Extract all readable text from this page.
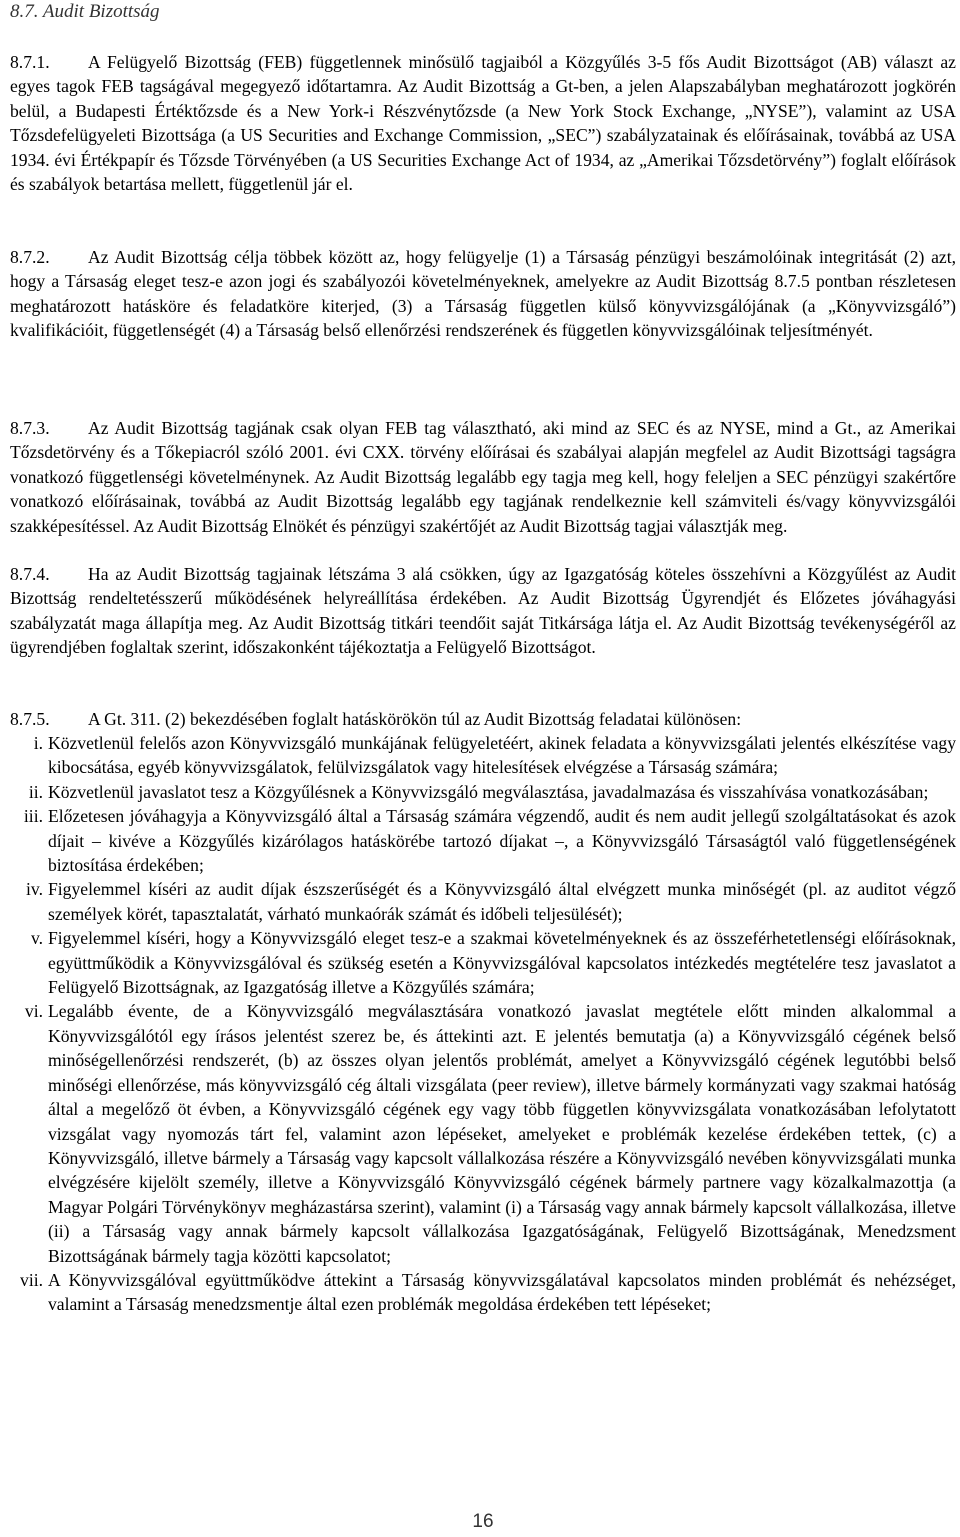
8.7. Audit Bizottság
8.7.1. A Felügyelő Bizottság (FEB) függetlennek minősülő tagjaiból a Közgyűlés 3-5 fős Audit Bizottságot (AB) választ az egyes tagok FEB tagságával megegyező időtartamra. Az Audit Bizottság a Gt-ben, a jelen Alapszabályban meghatározott jogkörén belül, a Budapesti Értéktőzsde és a New York-i Részvénytőzsde (a New York Stock Exchange, „NYSE”), valamint az USA Tőzsdefelügyeleti Bizottsága (a US Securities and Exchange Commission, „SEC”) szabályzatainak és előírásainak, továbbá az USA 1934. évi Értékpapír és Tőzsde Törvényében (a US Securities Exchange Act of 1934, az „Amerikai Tőzsdetörvény”) foglalt előírások és szabályok betartása mellett, függetlenül jár el.
8.7.2. Az Audit Bizottság célja többek között az, hogy felügyelje (1) a Társaság pénzügyi beszámolóinak integritását (2) azt, hogy a Társaság eleget tesz-e azon jogi és szabályozói követelményeknek, amelyekre az Audit Bizottság 8.7.5 pontban részletesen meghatározott hatásköre és feladatköre kiterjed, (3) a Társaság független külső könyvvizsgálójának (a „Könyvvizsgáló”) kvalifikációit, függetlenségét (4) a Társaság belső ellenőrzési rendszerének és független könyvvizsgálóinak teljesítményét.
8.7.3. Az Audit Bizottság tagjának csak olyan FEB tag választható, aki mind az SEC és az NYSE, mind a Gt., az Amerikai Tőzsdetörvény és a Tőkepiacról szóló 2001. évi CXX. törvény előírásai és szabályai alapján megfelel az Audit Bizottsági tagságra vonatkozó függetlenségi követelménynek. Az Audit Bizottság legalább egy tagja meg kell, hogy feleljen a SEC pénzügyi szakértőre vonatkozó előírásainak, továbbá az Audit Bizottság legalább egy tagjának rendelkeznie kell számviteli és/vagy könyvvizsgálói szakképesítéssel. Az Audit Bizottság Elnökét és pénzügyi szakértőjét az Audit Bizottság tagjai választják meg.
8.7.4. Ha az Audit Bizottság tagjainak létszáma 3 alá csökken, úgy az Igazgatóság köteles összehívni a Közgyűlést az Audit Bizottság rendeltetésszerű működésének helyreállítása érdekében. Az Audit Bizottság Ügyrendjét és Előzetes jóváhagyási szabályzatát maga állapítja meg. Az Audit Bizottság titkári teendőit saját Titkársága látja el. Az Audit Bizottság tevékenységéről az ügyrendjében foglaltak szerint, időszakonként tájékoztatja a Felügyelő Bizottságot.
8.7.5. A Gt. 311. (2) bekezdésében foglalt hatáskörökön túl az Audit Bizottság feladatai különösen:
i. Közvetlenül felelős azon Könyvvizsgáló munkájának felügyeletéért, akinek feladata a könyvvizsgálati jelentés elkészítése vagy kibocsátása, egyéb könyvvizsgálatok, felülvizsgálatok vagy hitelesítések elvégzése a Társaság számára;
ii. Közvetlenül javaslatot tesz a Közgyűlésnek a Könyvvizsgáló megválasztása, javadalmazása és visszahívása vonatkozásában;
iii. Előzetesen jóváhagyja a Könyvvizsgáló által a Társaság számára végzendő, audit és nem audit jellegű szolgáltatásokat és azok díjait – kivéve a Közgyűlés kizárólagos hatáskörébe tartozó díjakat –, a Könyvvizsgáló Társaságtól való függetlenségének biztosítása érdekében;
iv. Figyelemmel kíséri az audit díjak észszerűségét és a Könyvvizsgáló által elvégzett munka minőségét (pl. az auditot végző személyek körét, tapasztalatát, várható munkaórák számát és időbeli teljesülését);
v. Figyelemmel kíséri, hogy a Könyvvizsgáló eleget tesz-e a szakmai követelményeknek és az összeférhetetlenségi előírásoknak, együttműködik a Könyvvizsgálóval és szükség esetén a Könyvvizsgálóval kapcsolatos intézkedés megtételére tesz javaslatot a Felügyelő Bizottságnak, az Igazgatóság illetve a Közgyűlés számára;
vi. Legalább évente, de a Könyvvizsgáló megválasztására vonatkozó javaslat megtétele előtt minden alkalommal a Könyvvizsgálótól egy írásos jelentést szerez be, és áttekinti azt. E jelentés bemutatja (a) a Könyvvizsgáló cégének belső minőségellenőrzési rendszerét, (b) az összes olyan jelentős problémát, amelyet a Könyvvizsgáló cégének legutóbbi belső minőségi ellenőrzése, más könyvvizsgáló cég általi vizsgálata (peer review), illetve bármely kormányzati vagy szakmai hatóság által a megelőző öt évben, a Könyvvizsgáló cégének egy vagy több független könyvvizsgálata vonatkozásában lefolytatott vizsgálat vagy nyomozás tárt fel, valamint azon lépéseket, amelyeket e problémák kezelése érdekében tettek, (c) a Könyvvizsgáló, illetve bármely a Társaság vagy kapcsolt vállalkozása részére a Könyvvizsgáló nevében könyvvizsgálati munka elvégzésére kijelölt személy, illetve a Könyvvizsgáló Könyvvizsgáló cégének bármely partnere vagy közalkalmazottja (a Magyar Polgári Törvénykönyv megházastársa szerint), valamint (i) a Társaság vagy annak bármely kapcsolt vállalkozása, illetve (ii) a Társaság vagy annak bármely kapcsolt vállalkozása Igazgatóságának, Felügyelő Bizottságának, Menedzsment Bizottságának bármely tagja közötti kapcsolatot;
vii. A Könyvvizsgálóval együttműködve áttekint a Társaság könyvvizsgálatával kapcsolatos minden problémát és nehézséget, valamint a Társaság menedzsmentje által ezen problémák megoldása érdekében tett lépéseket;
16
